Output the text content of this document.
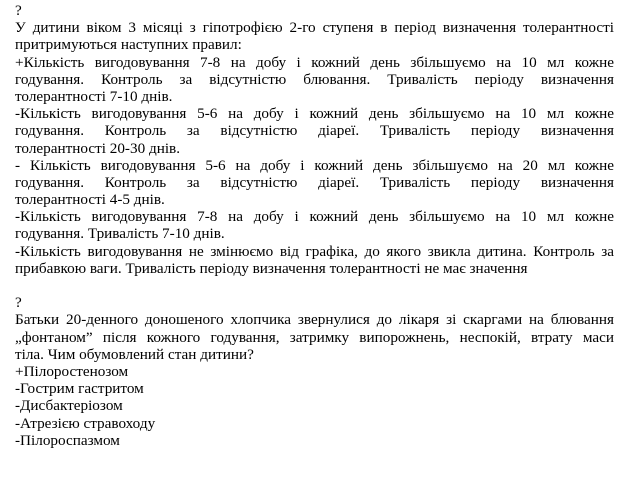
?
У дитини віком 3 місяці з гіпотрофією 2-го ступеня в період визначення толерантності
притримуються наступних правил:
+Кількість вигодовування 7-8 на добу і кожний день збільшуємо на 10 мл кожне
годування. Контроль за відсутністю блювання. Тривалість періоду визначення
толерантності 7-10 днів.
-Кількість вигодовування 5-6 на добу і кожний день збільшуємо на 10 мл кожне
годування. Контроль за відсутністю діареї. Тривалість періоду визначення
толерантності 20-30 днів.
- Кількість вигодовування 5-6 на добу і кожний день збільшуємо на 20 мл кожне
годування. Контроль за відсутністю діареї. Тривалість періоду визначення
толерантності 4-5 днів.
-Кількість вигодовування 7-8 на добу і кожний день збільшуємо на 10 мл кожне
годування. Тривалість 7-10 днів.
-Кількість вигодовування не змінюємо від графіка, до якого звикла дитина. Контроль за
прибавкою ваги. Тривалість періоду визначення толерантності не має значення
?
Батьки 20-денного доношеного хлопчика звернулися до лікаря зі скаргами на блювання
„фонтаном” після кожного годування, затримку випорожнень, неспокій, втрату маси
тіла. Чим обумовлений стан дитини?
+Пілоростенозом
-Гострим гастритом
-Дисбактеріозом
-Атрезією стравоходу
-Пілороспазмом
